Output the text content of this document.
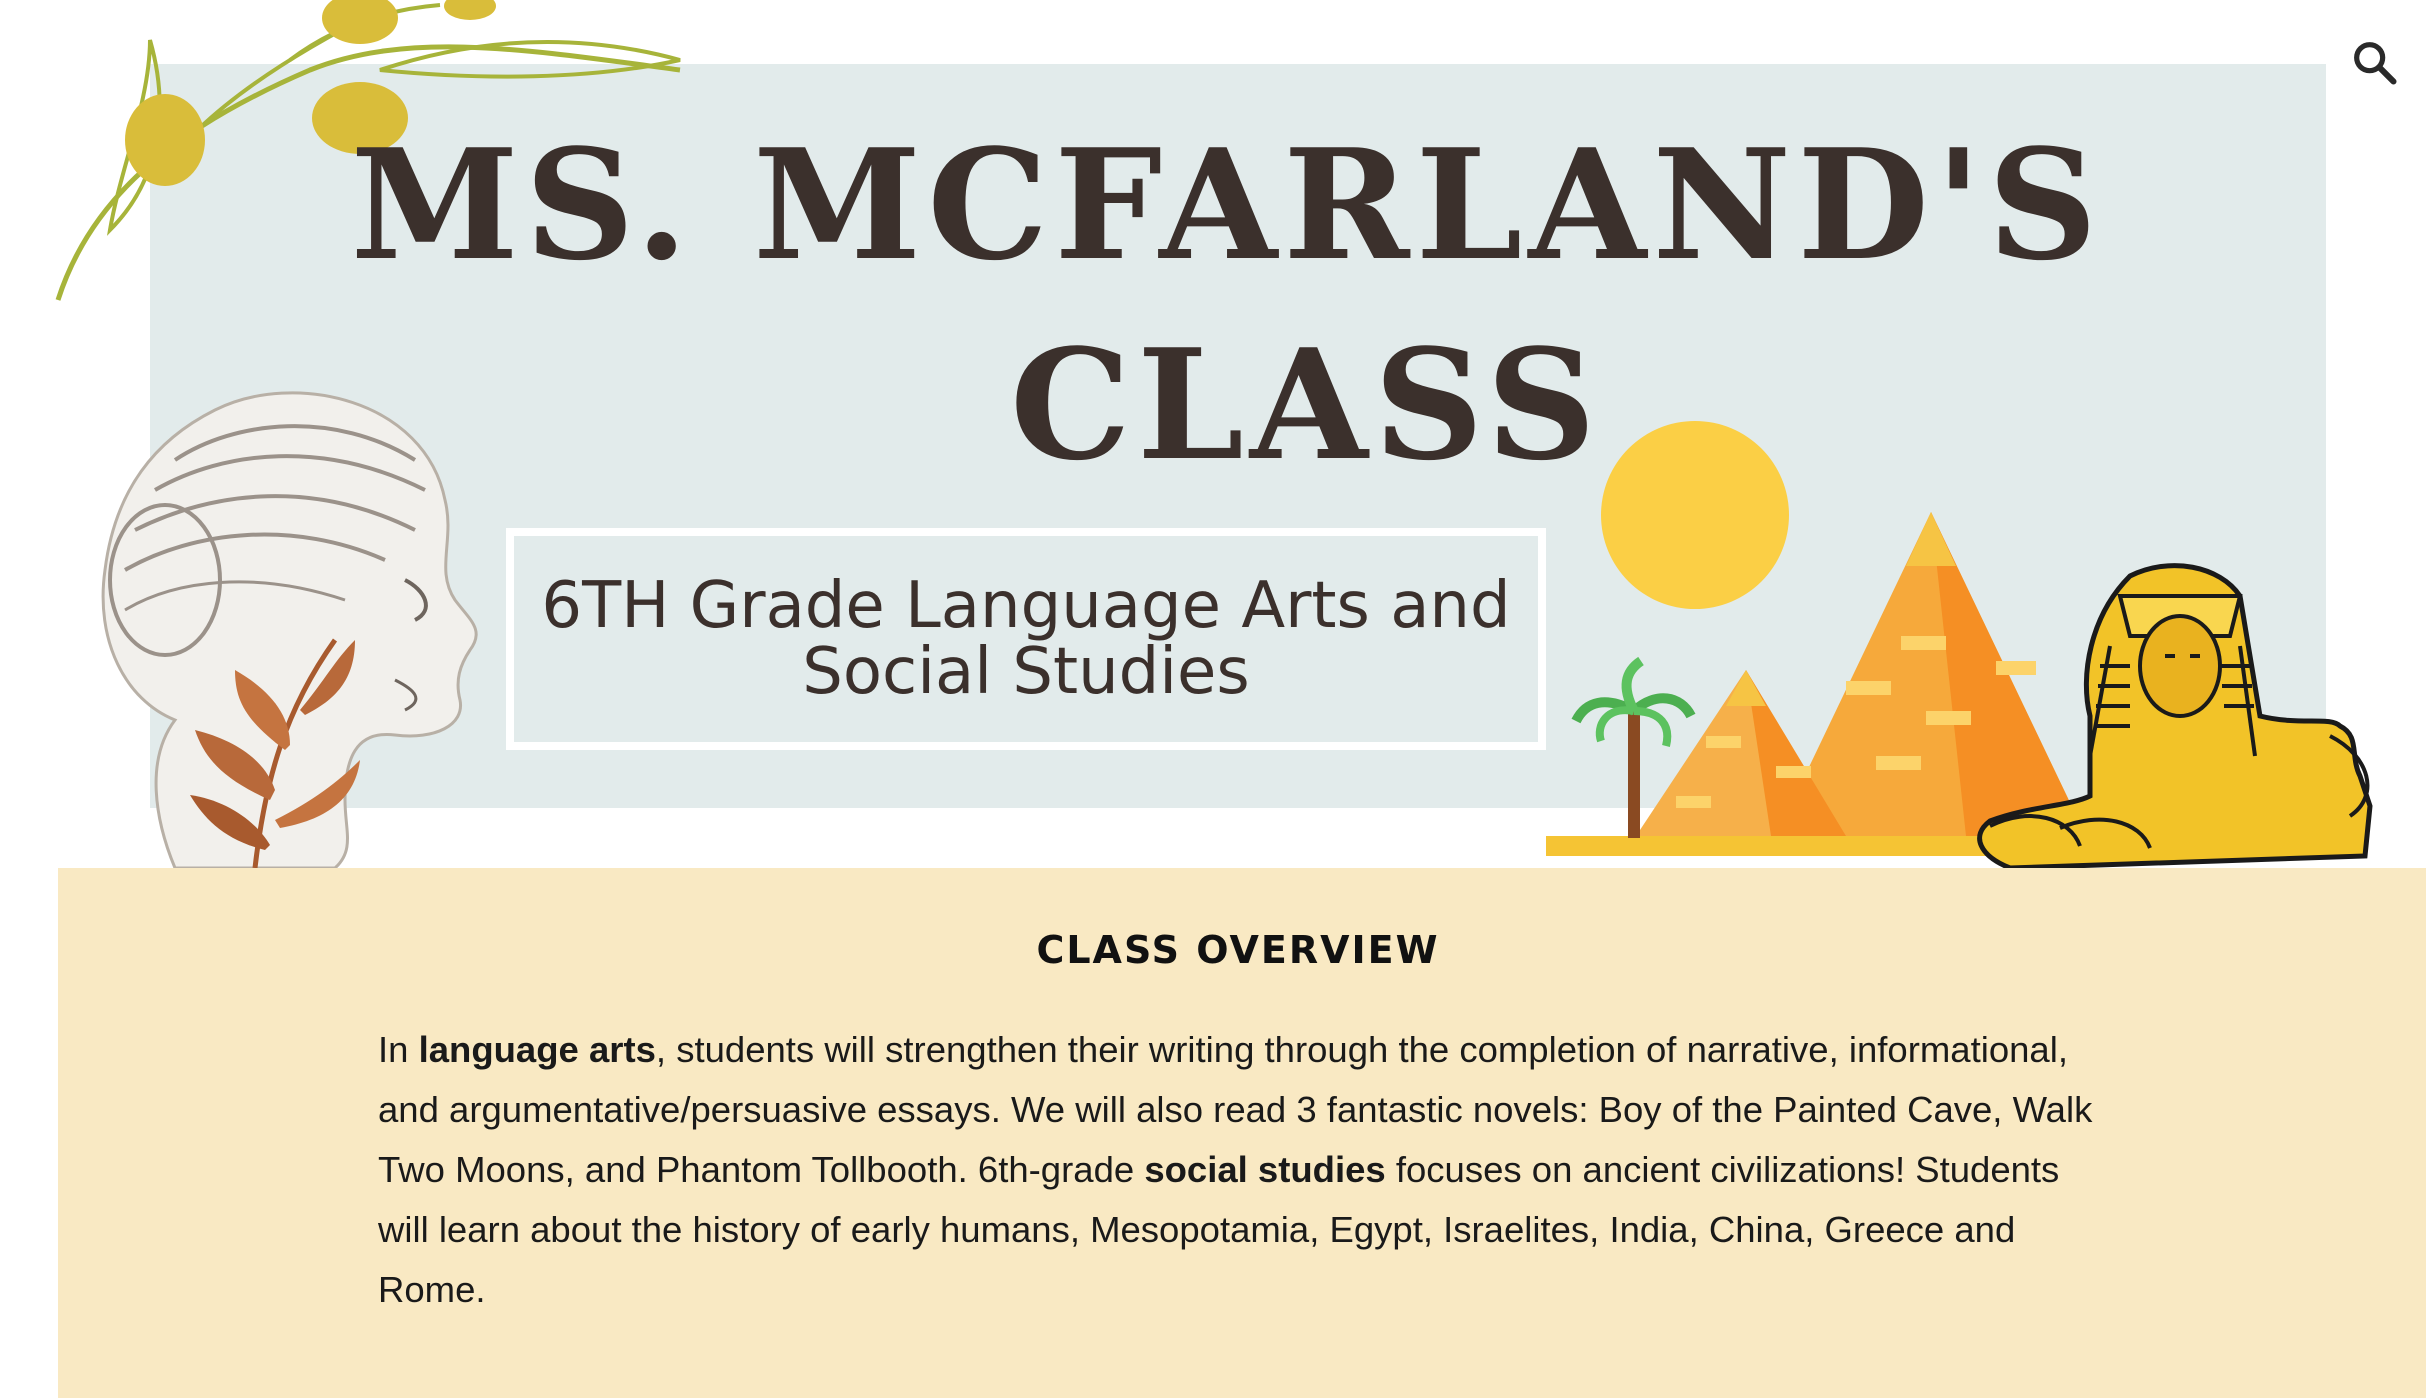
MS. MCFARLAND'S
CLASS
6TH Grade Language Arts and
Social Studies
CLASS OVERVIEW

In language arts, students will strengthen their writing through the completion of narrative, informational, and argumentative/persuasive essays. We will also read 3 fantastic novels: Boy of the Painted Cave, Walk Two Moons, and Phantom Tollbooth. 6th-grade social studies focuses on ancient civilizations! Students will learn about the history of early humans, Mesopotamia, Egypt, Israelites, India, China, Greece and Rome.
